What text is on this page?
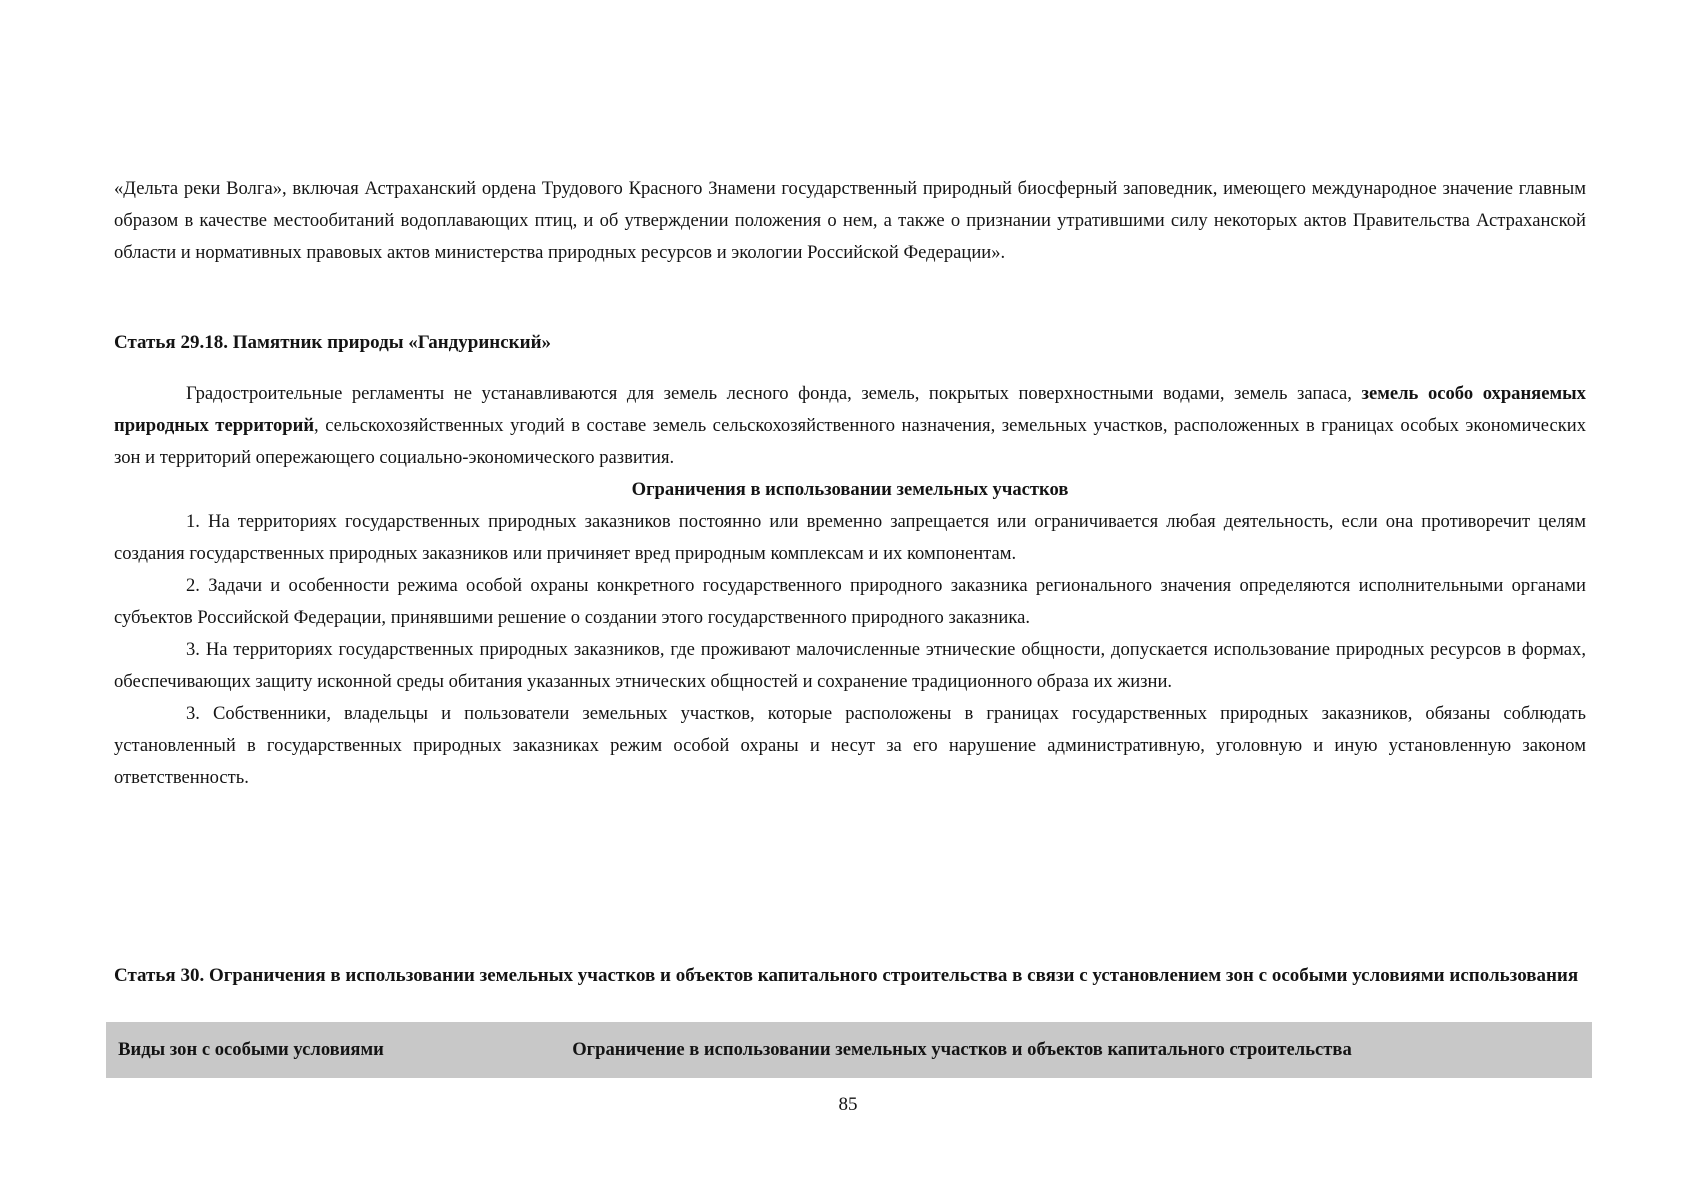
«Дельта реки Волга», включая Астраханский ордена Трудового Красного Знамени государственный природный биосферный заповедник, имеющего международное значение главным образом в качестве местообитаний водоплавающих птиц, и об утверждении положения о нем, а также о признании утратившими силу некоторых актов Правительства Астраханской области и нормативных правовых актов министерства природных ресурсов и экологии Российской Федерации».

Статья 29.18. Памятник природы «Гандуринский»

Градостроительные регламенты не устанавливаются для земель лесного фонда, земель, покрытых поверхностными водами, земель запаса, земель особо охраняемых природных территорий, сельскохозяйственных угодий в составе земель сельскохозяйственного назначения, земельных участков, расположенных в границах особых экономических зон и территорий опережающего социально-экономического развития.

Ограничения в использовании земельных участков

1. На территориях государственных природных заказников постоянно или временно запрещается или ограничивается любая деятельность, если она противоречит целям создания государственных природных заказников или причиняет вред природным комплексам и их компонентам.

2. Задачи и особенности режима особой охраны конкретного государственного природного заказника регионального значения определяются исполнительными органами субъектов Российской Федерации, принявшими решение о создании этого государственного природного заказника.

3. На территориях государственных природных заказников, где проживают малочисленные этнические общности, допускается использование природных ресурсов в формах, обеспечивающих защиту исконной среды обитания указанных этнических общностей и сохранение традиционного образа их жизни.

3. Собственники, владельцы и пользователи земельных участков, которые расположены в границах государственных природных заказников, обязаны соблюдать установленный в государственных природных заказниках режим особой охраны и несут за его нарушение административную, уголовную и иную установленную законом ответственность.

Статья 30. Ограничения в использовании земельных участков и объектов капитального строительства в связи с установлением зон с особыми условиями использования

Виды зон с особыми условиями	Ограничение в использовании земельных участков и объектов капитального строительства
85
